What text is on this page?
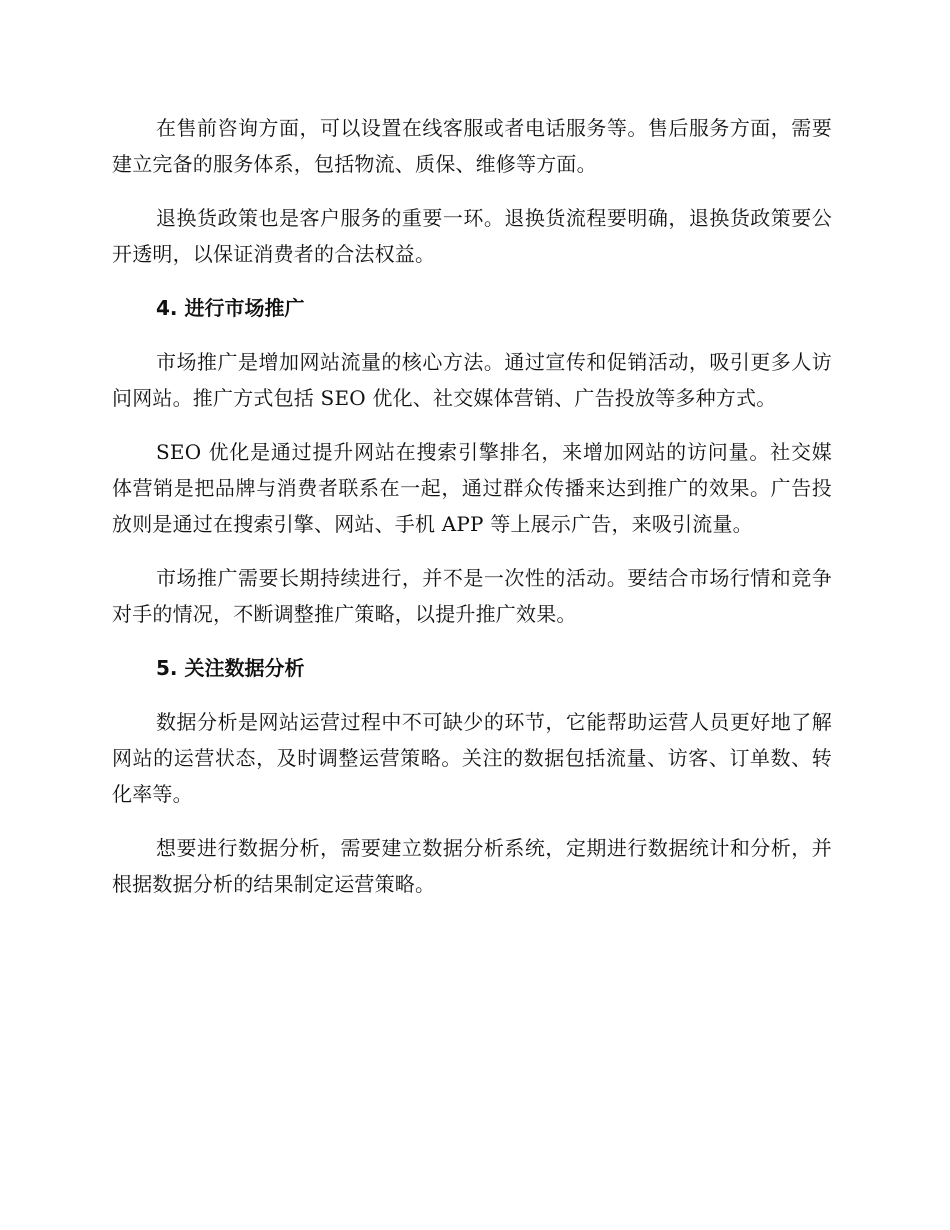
在售前咨询方面，可以设置在线客服或者电话服务等。售后服务方面，需要建立完备的服务体系，包括物流、质保、维修等方面。

退换货政策也是客户服务的重要一环。退换货流程要明确，退换货政策要公开透明，以保证消费者的合法权益。

4. 进行市场推广

市场推广是增加网站流量的核心方法。通过宣传和促销活动，吸引更多人访问网站。推广方式包括 SEO 优化、社交媒体营销、广告投放等多种方式。

SEO 优化是通过提升网站在搜索引擎排名，来增加网站的访问量。社交媒体营销是把品牌与消费者联系在一起，通过群众传播来达到推广的效果。广告投放则是通过在搜索引擎、网站、手机 APP 等上展示广告，来吸引流量。

市场推广需要长期持续进行，并不是一次性的活动。要结合市场行情和竞争对手的情况，不断调整推广策略，以提升推广效果。

5. 关注数据分析

数据分析是网站运营过程中不可缺少的环节，它能帮助运营人员更好地了解网站的运营状态，及时调整运营策略。关注的数据包括流量、访客、订单数、转化率等。

想要进行数据分析，需要建立数据分析系统，定期进行数据统计和分析，并根据数据分析的结果制定运营策略。
